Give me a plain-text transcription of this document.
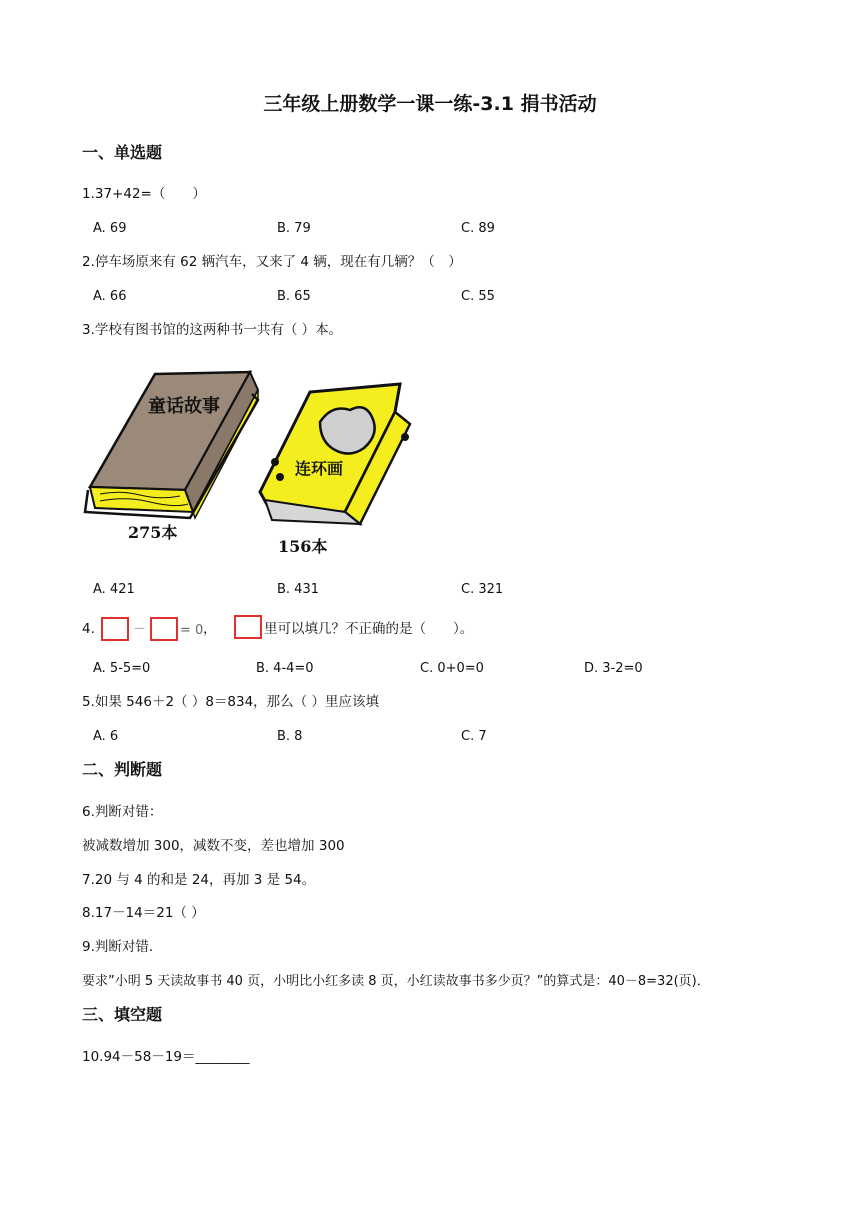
三年级上册数学一课一练-3.1 捐书活动
一、单选题
1.37+42=（　　）
A. 69	B. 79	C. 89
2.停车场原来有 62 辆汽车，又来了 4 辆，现在有几辆？（　）
A. 66	B. 65	C. 55
3.学校有图书馆的这两种书一共有（ ）本。
童话故事
275本
连环画
156本
A. 421	B. 431	C. 321
4.	－	= 0 ，	里可以填几？不正确的是（　　）。
A. 5-5=0	B. 4-4=0	C. 0+0=0	D. 3-2=0
5.如果 546＋2（ ）8＝834，那么（ ）里应该填
A. 6	B. 8	C. 7
二、判断题
6.判断对错：
被减数增加 300，减数不变，差也增加 300
7.20 与 4 的和是 24，再加 3 是 54。
8.17－14＝21（ ）
9.判断对错．
要求”小明 5 天读故事书 40 页，小明比小红多读 8 页，小红读故事书多少页？”的算式是：40－8=32(页)．
三、填空题
10.94－58－19＝________
